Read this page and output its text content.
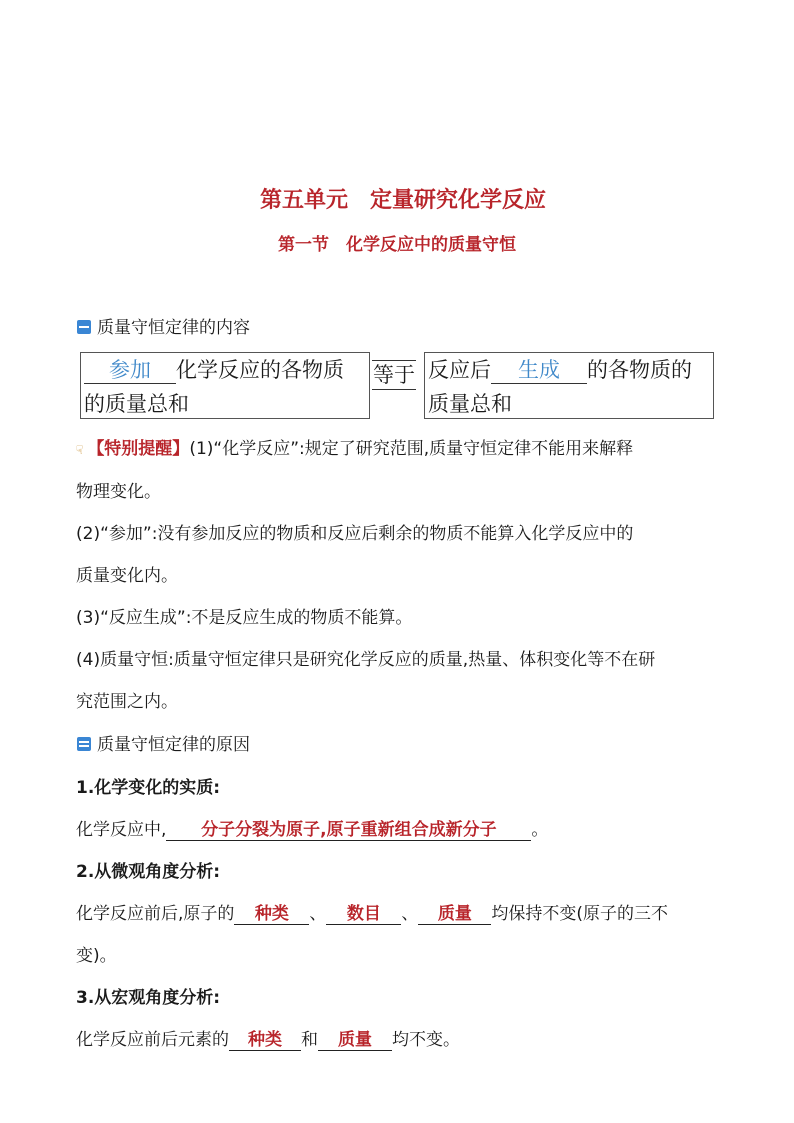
第五单元　定量研究化学反应
第一节　化学反应中的质量守恒
质量守恒定律的内容
参加 化学反应的各物质
的质量总和
等于 反应后 生成 的各物质的
质量总和

☟ 【特别提醒】(1)“化学反应”:规定了研究范围,质量守恒定律不能用来解释

物理变化。

(2)“参加”:没有参加反应的物质和反应后剩余的物质不能算入化学反应中的

质量变化内。

(3)“反应生成”:不是反应生成的物质不能算。

(4)质量守恒:质量守恒定律只是研究化学反应的质量,热量、体积变化等不在研

究范围之内。

质量守恒定律的原因

1.化学变化的实质:

化学反应中, 分子分裂为原子,原子重新组合成新分子 。

2.从微观角度分析:

化学反应前后,原子的 种类 、 数目 、 质量 均保持不变(原子的三不

变)。

3.从宏观角度分析:

化学反应前后元素的 种类 和 质量 均不变。
